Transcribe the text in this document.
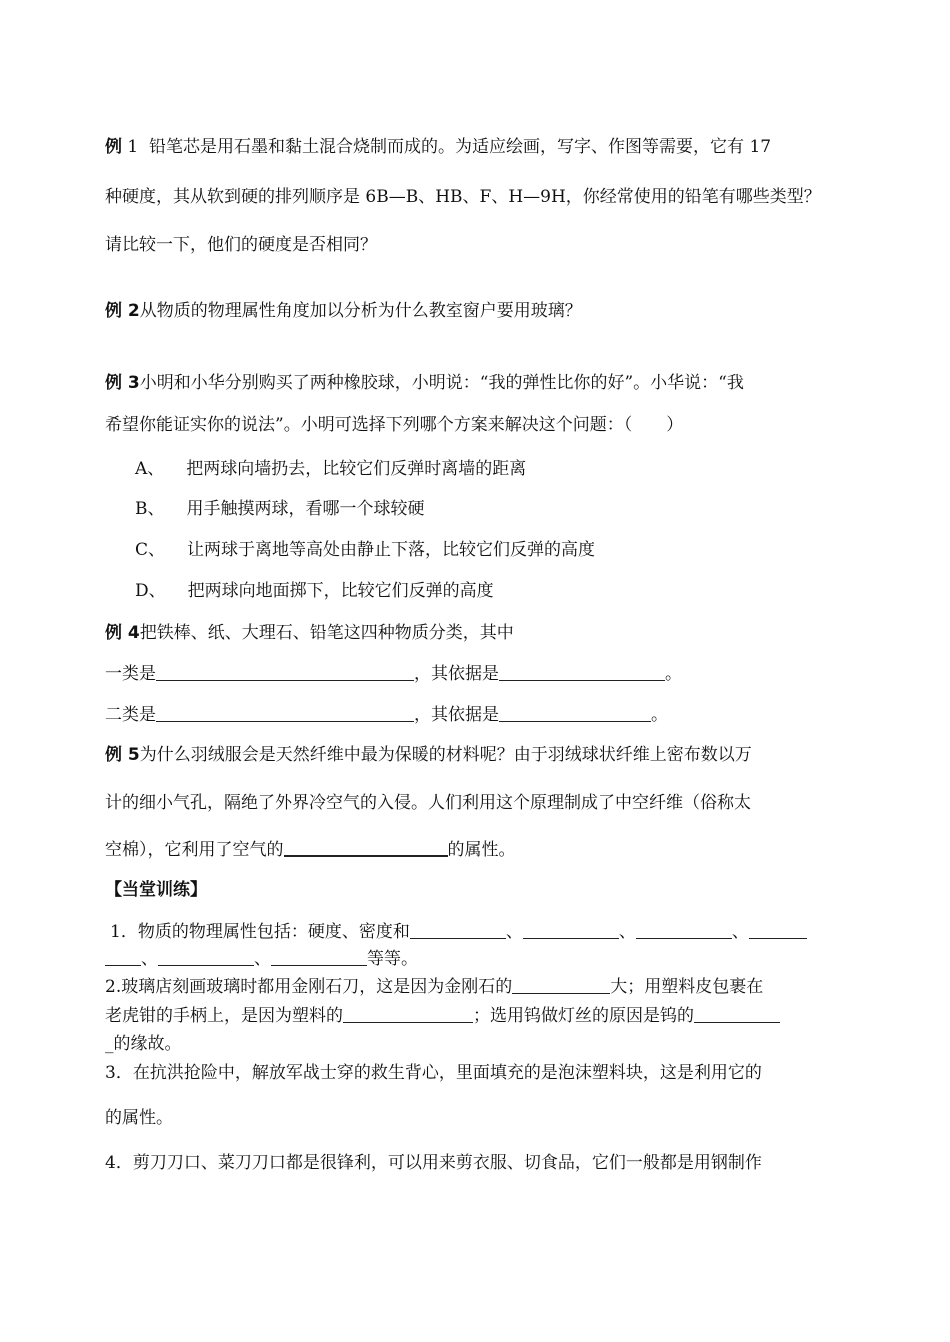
例 1 铅笔芯是用石墨和黏土混合烧制而成的。为适应绘画，写字、作图等需要，它有 17
种硬度，其从软到硬的排列顺序是 6B—B、HB、F、H—9H，你经常使用的铅笔有哪些类型？
请比较一下，他们的硬度是否相同？
例 2从物质的物理属性角度加以分析为什么教室窗户要用玻璃？
例 3小明和小华分别购买了两种橡胶球，小明说：“我的弹性比你的好”。小华说：“我
希望你能证实你的说法”。小明可选择下列哪个方案来解决这个问题：（　　）
A、 把两球向墙扔去，比较它们反弹时离墙的距离
B、 用手触摸两球，看哪一个球较硬
C、 让两球于离地等高处由静止下落，比较它们反弹的高度
D、 把两球向地面掷下，比较它们反弹的高度
例 4把铁棒、纸、大理石、铅笔这四种物质分类，其中
一类是	，其依据是	。
二类是	，其依据是	。
例 5为什么羽绒服会是天然纤维中最为保暖的材料呢？由于羽绒球状纤维上密布数以万
计的细小气孔，隔绝了外界冷空气的入侵。人们利用这个原理制成了中空纤维（俗称太
空棉），它利用了空气的	的属性。
【当堂训练】
1．物质的物理属性包括：硬度、密度和	、	、	、
、	、	等等。
2.玻璃店刻画玻璃时都用金刚石刀，这是因为金刚石的	大；用塑料皮包裹在
老虎钳的手柄上，是因为塑料的	；选用钨做灯丝的原因是钨的
_的缘故。
3．在抗洪抢险中，解放军战士穿的救生背心，里面填充的是泡沫塑料块，这是利用它的
的属性。
4．剪刀刀口、菜刀刀口都是很锋利，可以用来剪衣服、切食品，它们一般都是用钢制作
